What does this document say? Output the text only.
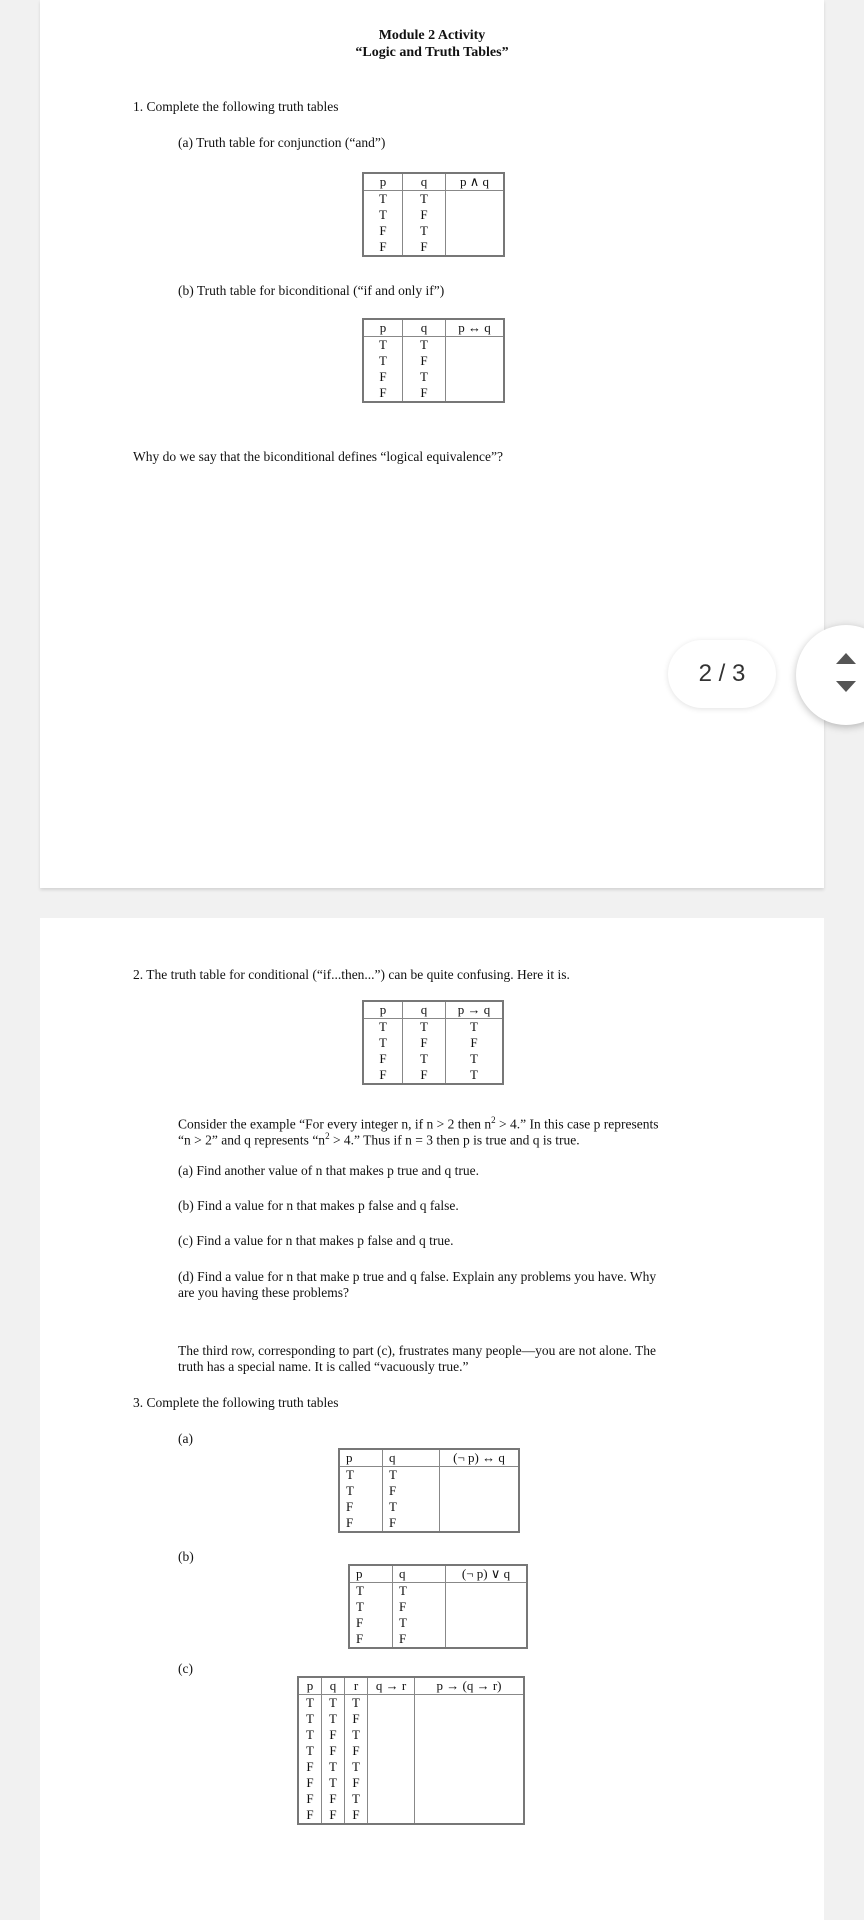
Module 2 Activity
“Logic and Truth Tables”
1. Complete the following truth tables
(a) Truth table for conjunction (“and”)
p	q	p ∧ q
T	T	
T	F	
F	T	
F	F	
(b) Truth table for biconditional (“if and only if”)
p	q	p ↔ q
T	T	
T	F	
F	T	
F	F	
Why do we say that the biconditional defines “logical equivalence”?
2. The truth table for conditional (“if...then...”) can be quite confusing. Here it is.
p	q	p → q
T	T	T
T	F	F
F	T	T
F	F	T
Consider the example “For every integer n, if n > 2 then $n^2 > 4$.” In this case p represents
“n > 2” and q represents “$n^2 > 4$.” Thus if n = 3 then p is true and q is true.
(a) Find another value of n that makes p true and q true.
(b) Find a value for n that makes p false and q false.
(c) Find a value for n that makes p false and q true.
(d) Find a value for n that make p true and q false. Explain any problems you have. Why
are you having these problems?
The third row, corresponding to part (c), frustrates many people—you are not alone. The
truth has a special name. It is called “vacuously true.”
3. Complete the following truth tables
(a)
p	q	(¬ p) ↔ q
T	T	
T	F	
F	T	
F	F	
(b)
p	q	(¬ p) ∨ q
T	T	
T	F	
F	T	
F	F	
(c)
p	q	r	q → r	p → (q → r)
T	T	T		
T	T	F		
T	F	T		
T	F	F		
F	T	T		
F	T	F		
F	F	T		
F	F	F		
2 / 3
